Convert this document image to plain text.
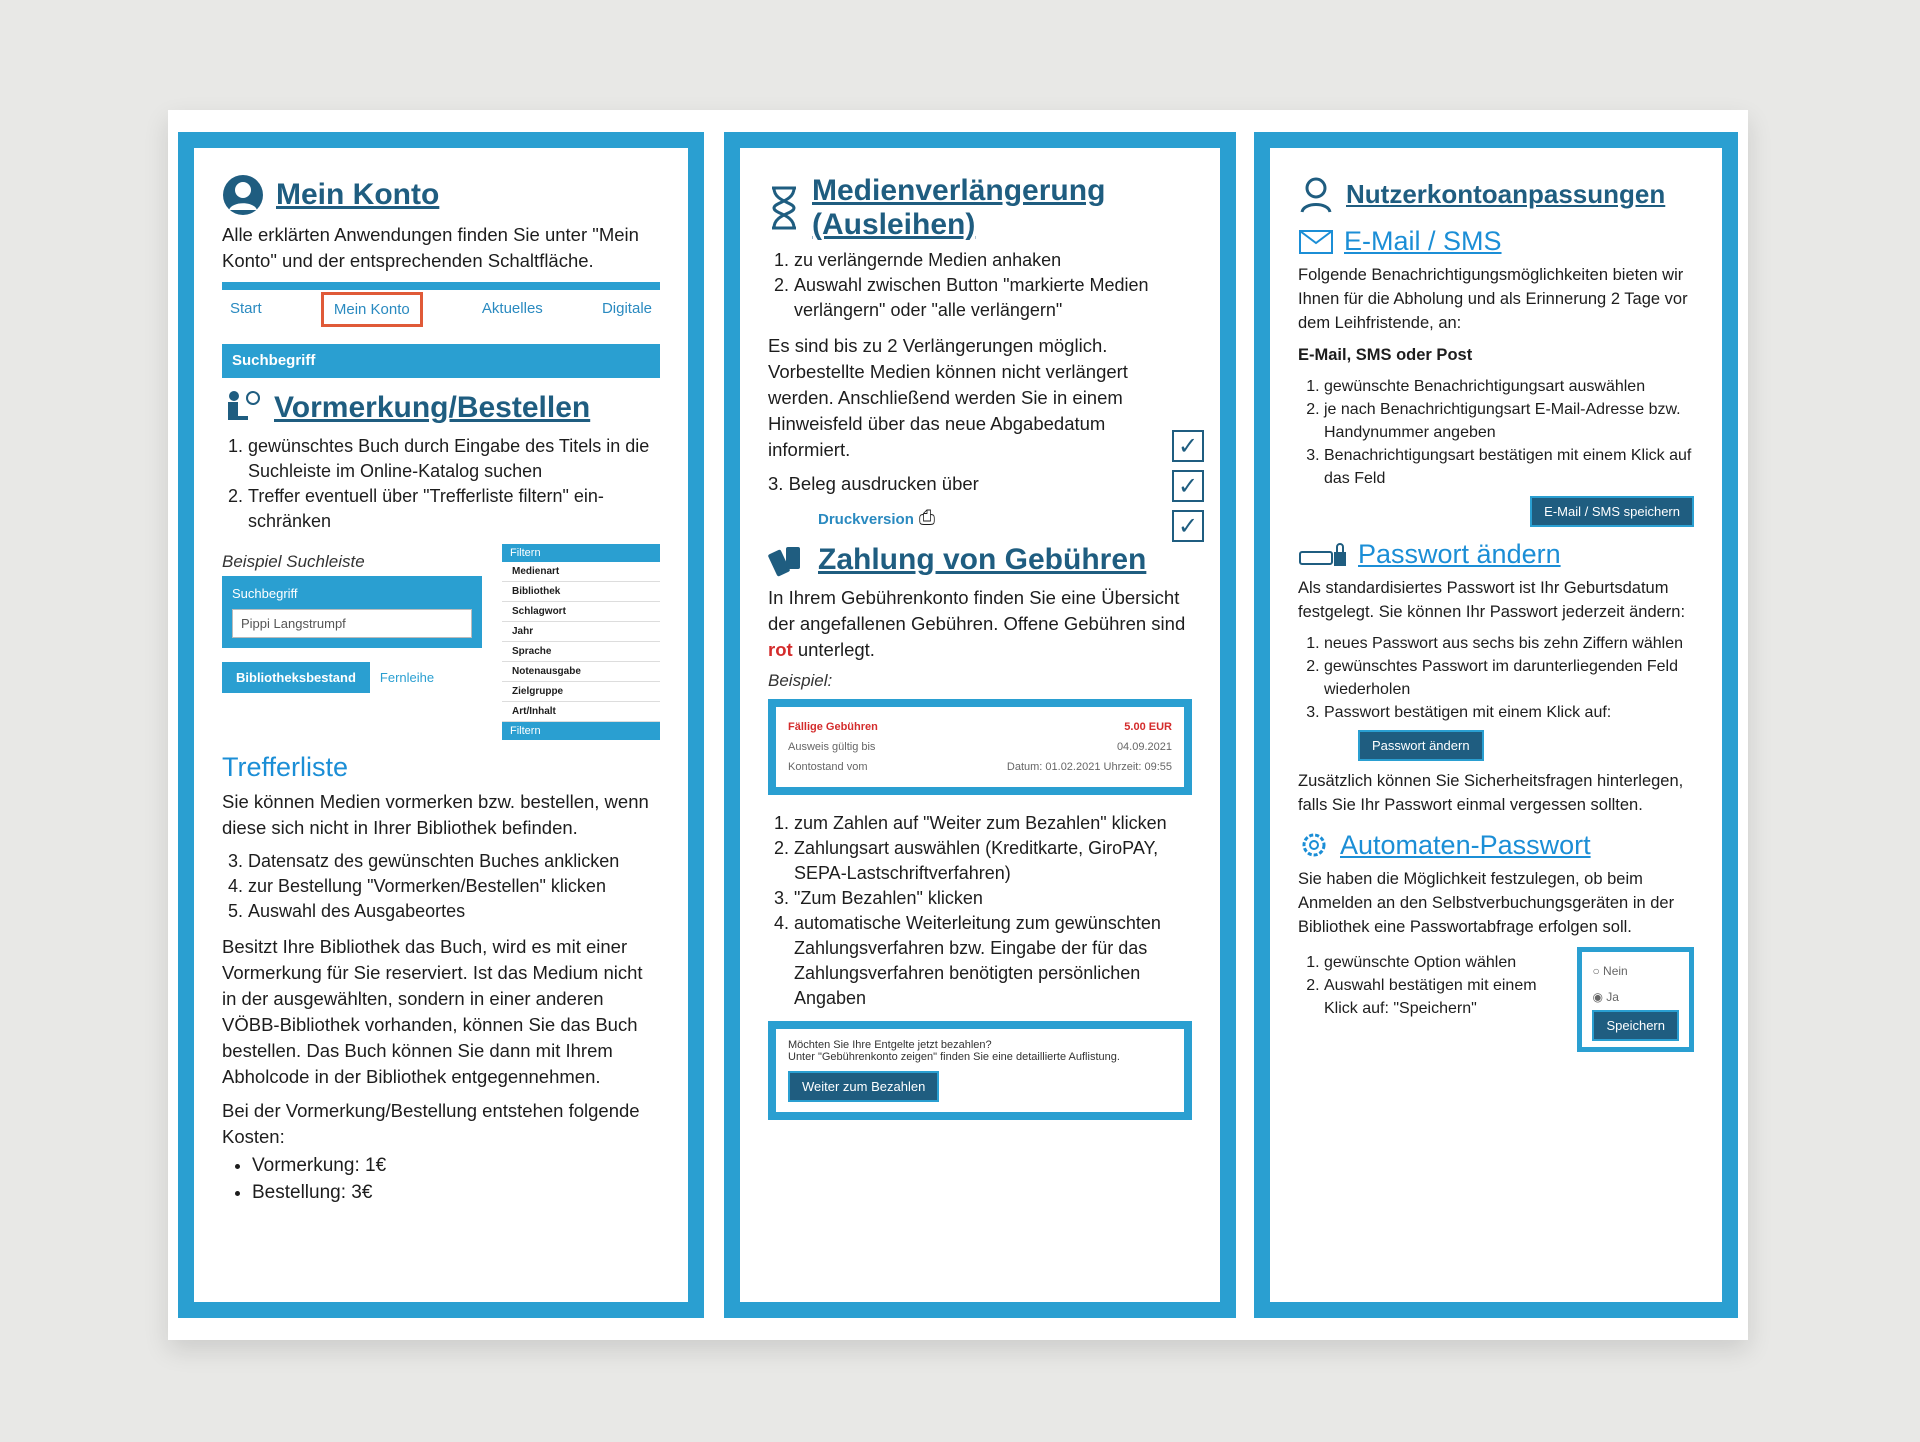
Mein Konto

Alle erklärten Anwendungen finden Sie unter "Mein Konto" und der entsprechenden Schaltfläche.

Start	Mein Konto	Aktuelles	Digitale
Suchbegriff
Vormerkung/Bestellen
1. gewünschtes Buch durch Eingabe des Titels in die Suchleiste im Online-Katalog suchen
2. Treffer eventuell über "Trefferliste filtern" ein-schränken
Beispiel Suchleiste
Suchbegriff
Pippi Langstrumpf
Bibliotheksbestand	Fernleihe
Filtern
Medienart
Bibliothek
Schlagwort
Jahr
Sprache
Notenausgabe
Zielgruppe
Art/Inhalt
Filtern
Trefferliste

Sie können Medien vormerken bzw. bestellen, wenn diese sich nicht in Ihrer Bibliothek befinden.

3. Datensatz des gewünschten Buches anklicken
4. zur Bestellung "Vormerken/Bestellen" klicken
5. Auswahl des Ausgabeortes

Besitzt Ihre Bibliothek das Buch, wird es mit einer Vormerkung für Sie reserviert. Ist das Medium nicht in der ausgewählten, sondern in einer anderen VÖBB-Bibliothek vorhanden, können Sie das Buch bestellen. Das Buch können Sie dann mit Ihrem Abholcode in der Bibliothek entgegennehmen.

Bei der Vormerkung/Bestellung entstehen folgende Kosten:

• Vormerkung: 1€
• Bestellung: 3€
Medienverlängerung (Ausleihen)
1. zu verlängernde Medien anhaken
2. Auswahl zwischen Button "markierte Medien verlängern" oder "alle verlängern"

Es sind bis zu 2 Verlängerungen möglich. Vorbestellte Medien können nicht verlängert werden. Anschließend werden Sie in einem Hinweisfeld über das neue Abgabedatum informiert.	✓
✓
✓

3. Beleg ausdrucken über

Druckversion ⎙

Zahlung von Gebühren

In Ihrem Gebührenkonto finden Sie eine Übersicht der angefallenen Gebühren. Offene Gebühren sind rot unterlegt.

Beispiel:
Fällige Gebühren	5.00 EUR
Ausweis gültig bis	04.09.2021
Kontostand vom	Datum: 01.02.2021 Uhrzeit: 09:55
1. zum Zahlen auf "Weiter zum Bezahlen" klicken
2. Zahlungsart auswählen (Kreditkarte, GiroPAY, SEPA-Lastschriftverfahren)
3. "Zum Bezahlen" klicken
4. automatische Weiterleitung zum gewünschten Zahlungsverfahren bzw. Eingabe der für das Zahlungsverfahren benötigten persönlichen Angaben
Möchten Sie Ihre Entgelte jetzt bezahlen?
Unter "Gebührenkonto zeigen" finden Sie eine detaillierte Auflistung.
Weiter zum Bezahlen
Nutzerkontoanpassungen
E-Mail / SMS

Folgende Benachrichtigungsmöglichkeiten bieten wir Ihnen für die Abholung und als Erinnerung 2 Tage vor dem Leihfristende, an:

E-Mail, SMS oder Post

1. gewünschte Benachrichtigungsart auswählen
2. je nach Benachrichtigungsart E-Mail-Adresse bzw. Handynummer angeben
3. Benachrichtigungsart bestätigen mit einem Klick auf das Feld
E-Mail / SMS speichern
Passwort ändern

Als standardisiertes Passwort ist Ihr Geburtsdatum festgelegt. Sie können Ihr Passwort jederzeit ändern:

1. neues Passwort aus sechs bis zehn Ziffern wählen
2. gewünschtes Passwort im darunterliegenden Feld wiederholen
3. Passwort bestätigen mit einem Klick auf:
Passwort ändern

Zusätzlich können Sie Sicherheitsfragen hinterlegen, falls Sie Ihr Passwort einmal vergessen sollten.

Automaten-Passwort

Sie haben die Möglichkeit festzulegen, ob beim Anmelden an den Selbstverbuchungsgeräten in der Bibliothek eine Passwortabfrage erfolgen soll.

1. gewünschte Option wählen
2. Auswahl bestätigen mit einem Klick auf: "Speichern"
○ Nein
◉ Ja
Speichern
